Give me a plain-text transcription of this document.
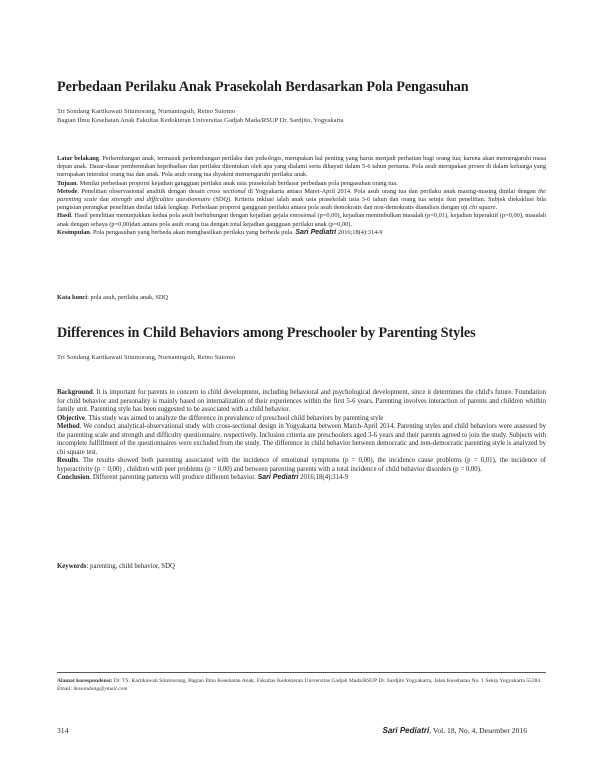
Perbedaan Perilaku Anak Prasekolah Berdasarkan Pola Pengasuhan
Tri Sondang Kartikawati Situmorang, Nurnaningsih, Retno Sutomo
Bagian Ilmu Kesehatan Anak Fakultas Kedokteran Universitas Gadjah Mada/RSUP Dr. Sardjito, Yogyakarta

Latar belakang. Perkembangan anak, termasuk perkembangan perilaku dan psikologis, merupakan hal penting yang harus menjadi perhatian bagi orang tua; karena akan memengaruhi masa depan anak. Dasar-dasar pembentukan kepribadian dan perilaku ditentukan oleh apa yang dialami serta dihayati dalam 5-6 tahun pertama. Pola asuh merupakan proses di dalam keluarga yang merupakan interaksi orang tua dan anak. Pola asuh orang tua diyakini memengaruhi perilaku anak.

Tujuan. Menilai perbedaan proporsi kejadian gangguan perilaku anak usia prasekolah berdasar perbedaan pola pengasuhan orang tua.

Metode. Penelitian observasional analitik dengan desain cross sectional di Yogyakarta antara Maret-April 2014. Pola asuh orang tua dan perilaku anak masing-masing dinilai dengan the parenting scale dan strength and difficulties questionnaire (SDQ). Kriteria inklusi ialah anak usia prasekolah usia 3-6 tahun dan orang tua setuju ikut penelitian. Subjek dieksklusi bila pengisian perangkat penelitian dinilai tidak lengkap. Perbedaan proporsi gangguan perilaku antara pola asuh demokratis dan non-demokratis dianalisis dengan uji chi square.

Hasil. Hasil penelitian menunjukkan kedua pola asuh berhubungan dengan kejadian gejala emosional (p=0,00), kejadian menimbulkan masalah (p=0,01), kejadian hiperaktif (p=0,00), masalah anak dengan sebaya (p=0,00)dan antara pola asuh orang tua dengan total kejadian gangguan perilaku anak (p=0,00).

Kesimpulan. Pola pengasuhan yang berbeda akan menghasilkan perilaku yang berbeda pula. Sari Pediatri 2016;18(4):314-9

Kata kunci: pola asuh, perilaku anak, SDQ

Differences in Child Behaviors among Preschooler by Parenting Styles
Tri Sondang Kartikawati Situmorang, Nurnaningsih, Retno Sutomo

Background. It is important for parents to concern to child development, including behavioral and psychological development, since it determines the child's future. Foundation for child behavior and personality is mainly based on internalization of their experiences within the first 5-6 years. Parenting involves interaction of parents and children whithin family unit. Parenting style has been suggested to be associated with a child behavior.

Objective. This study was aimed to analyze the difference in prevalence of preschool child behaviors by parenting style

Method. We conduct analytical-observational study with cross-sectional design in Yogyakarta between March-April 2014. Parenting styles and child behaviors were assessed by the parenting scale and strength and difficulty questionnaire, respectively. Inclusion criteria are preschoolers aged 3-6 years and their parents agreed to join the study. Subjects with incomplete fulfillment of the questionnaires were excluded from the study. The difference in child behavior between democratic and non-democratic parenting style is analyzed by chi square test.

Results. The results showed both parenting associated with the incidence of emotional symptoms (p = 0,00), the incidence cause problems (p = 0,01), the incidence of hyperactivity (p = 0,00) , children with peer problems (p = 0,00) and between parenting parents with a total incidence of child behavior disorders (p = 0,00).

Conclusion. Different parenting patterns will produce different behavior. Sari Pediatri 2016;18(4):314-9

Keywords: parenting, child behavior, SDQ

Alamat korespondensi: Dr. TS. Kartikawati Situmorang, Bagian Ilmu Kesehatan Anak, Fakultas Kedokteran Universitas Gadjah Mada/RSUP Dr. Sardjito Yogyakarta, Jalan Kesehatan No. 1 Sekip Yogyakarta 55284. Email: ikasondang@ymail.com
314	Sari Pediatri, Vol. 18, No. 4, Desember 2016
